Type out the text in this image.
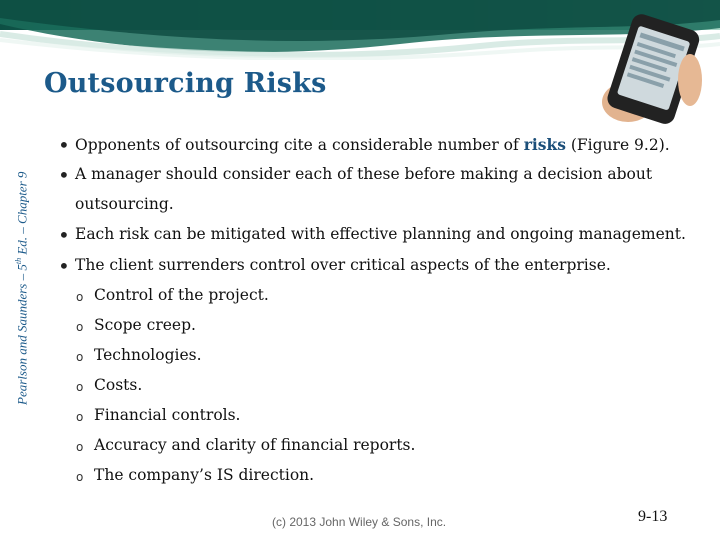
Outsourcing Risks
Pearlson and Saunders – 5th Ed. – Chapter 9
• Opponents of outsourcing cite a considerable number of risks (Figure 9.2).
• A manager should consider each of these before making a decision about
outsourcing.
• Each risk can be mitigated with effective planning and ongoing management.
• The client surrenders control over critical aspects of the enterprise.
o Control of the project.
o Scope creep.
o Technologies.
o Costs.
o Financial controls.
o Accuracy and clarity of financial reports.
o The company’s IS direction.
(c) 2013 John Wiley & Sons, Inc.	9-13
